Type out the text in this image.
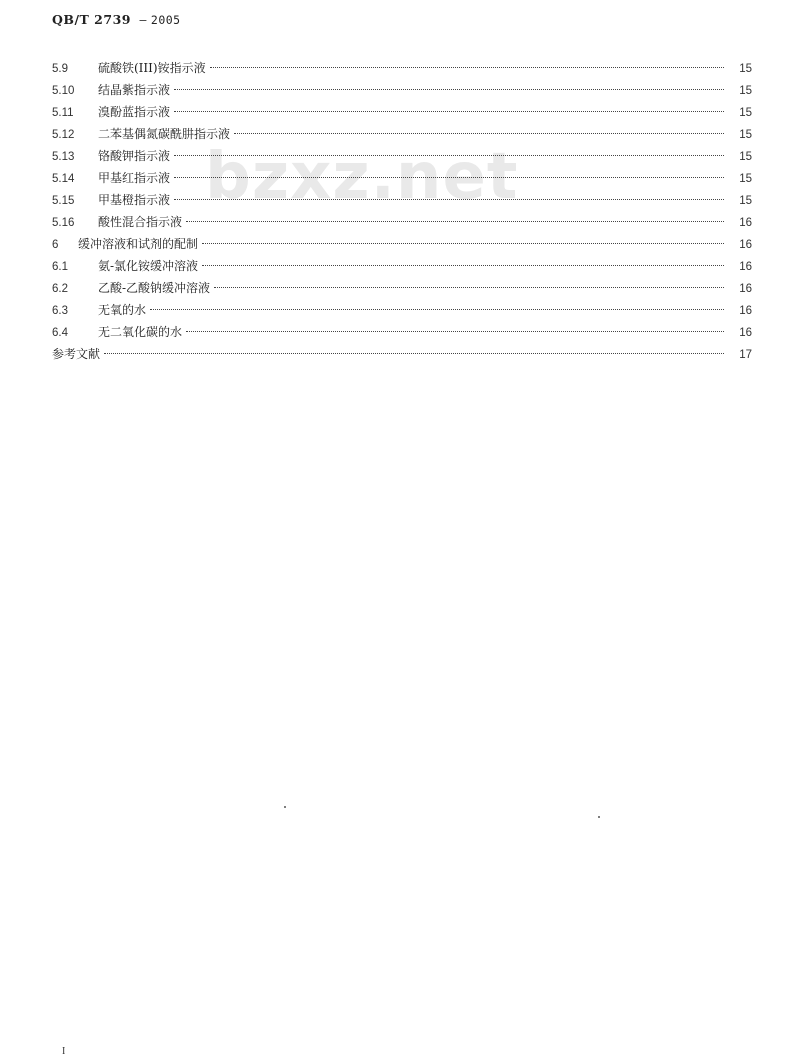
QB/T 2739 — 2005
bzxz.net
5.9	硫酸铁(III)铵指示液	15
5.10	结晶紫指示液	15
5.11	溴酚蓝指示液	15
5.12	二苯基偶氮碳酰肼指示液	15
5.13	铬酸钾指示液	15
5.14	甲基红指示液	15
5.15	甲基橙指示液	15
5.16	酸性混合指示液	16
6	缓冲溶液和试剂的配制	16
6.1	氨-氯化铵缓冲溶液	16
6.2	乙酸-乙酸钠缓冲溶液	16
6.3	无氧的水	16
6.4	无二氧化碳的水	16
参考文献	17
I
